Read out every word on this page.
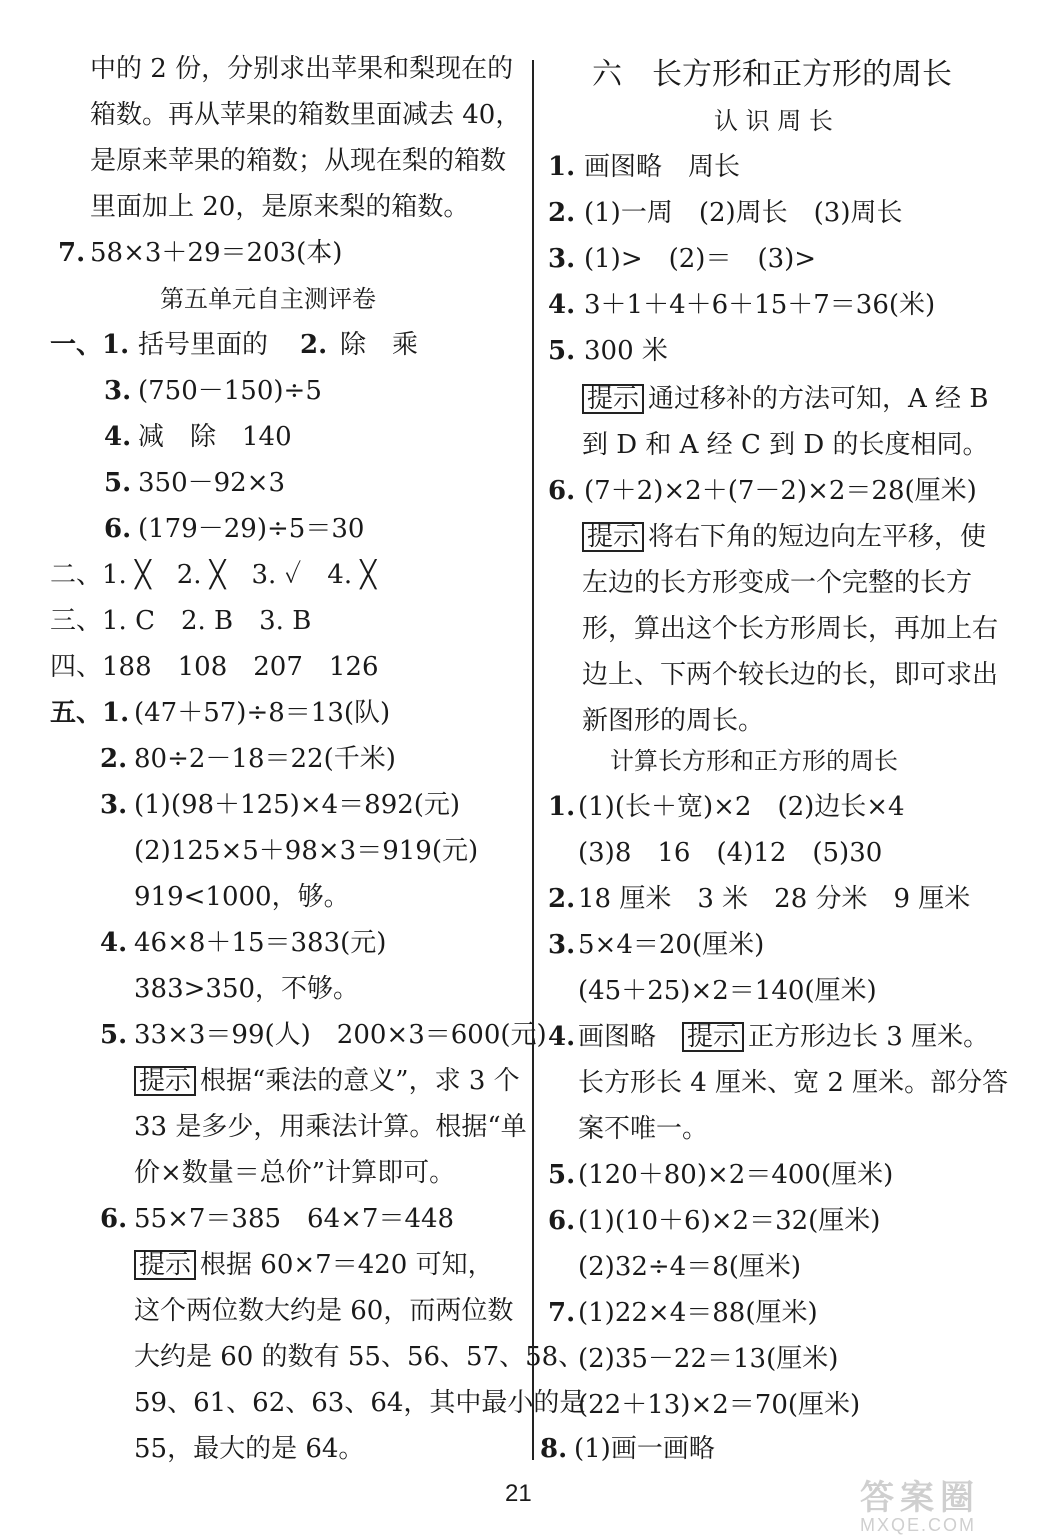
中的 2 份，分别求出苹果和梨现在的
箱数。再从苹果的箱数里面减去 40，
是原来苹果的箱数；从现在梨的箱数
里面加上 20，是原来梨的箱数。
7. 58×3＋29＝203(本)
第五单元自主测评卷
一、1. 括号里面的 2. 除　乘
3. (750－150)÷5
4. 减　除　140
5. 350－92×3
6. (179－29)÷5＝30
二、1. ╳　2. ╳　3. ✓　4. ╳
三、1. C　2. B　3. B
四、188　108　207　126
五、1. (47＋57)÷8＝13(队)
2. 80÷2－18＝22(千米)
3. (1)(98＋125)×4＝892(元)
(2)125×5＋98×3＝919(元)
919<1000，够。
4. 46×8＋15＝383(元)
383>350，不够。
5. 33×3＝99(人)　200×3＝600(元)
提示 根据“乘法的意义”，求 3 个
33 是多少，用乘法计算。根据“单
价×数量＝总价”计算即可。
6. 55×7＝385　64×7＝448
提示 根据 60×7＝420 可知，
这个两位数大约是 60，而两位数
大约是 60 的数有 55、56、57、58、
59、61、62、63、64，其中最小的是
55，最大的是 64。
六　长方形和正方形的周长
认 识 周 长
1. 画图略　周长
2. (1)一周　(2)周长　(3)周长
3. (1)>　(2)＝　(3)>
4. 3＋1＋4＋6＋15＋7＝36(米)
5. 300 米
提示 通过移补的方法可知，A 经 B
到 D 和 A 经 C 到 D 的长度相同。
6. (7＋2)×2＋(7－2)×2＝28(厘米)
提示 将右下角的短边向左平移，使
左边的长方形变成一个完整的长方
形，算出这个长方形周长，再加上右
边上、下两个较长边的长，即可求出
新图形的周长。
计算长方形和正方形的周长
1. (1)(长＋宽)×2　(2)边长×4
(3)8　16　(4)12　(5)30
2. 18 厘米　3 米　28 分米　9 厘米
3. 5×4＝20(厘米)
(45＋25)×2＝140(厘米)
4. 画图略　 提示 正方形边长 3 厘米。
长方形长 4 厘米、宽 2 厘米。部分答
案不唯一。
5. (120＋80)×2＝400(厘米)
6. (1)(10＋6)×2＝32(厘米)
(2)32÷4＝8(厘米)
7. (1)22×4＝88(厘米)
(2)35－22＝13(厘米)
(22＋13)×2＝70(厘米)
8. (1)画一画略
21	答案圈
MXQE.COM
